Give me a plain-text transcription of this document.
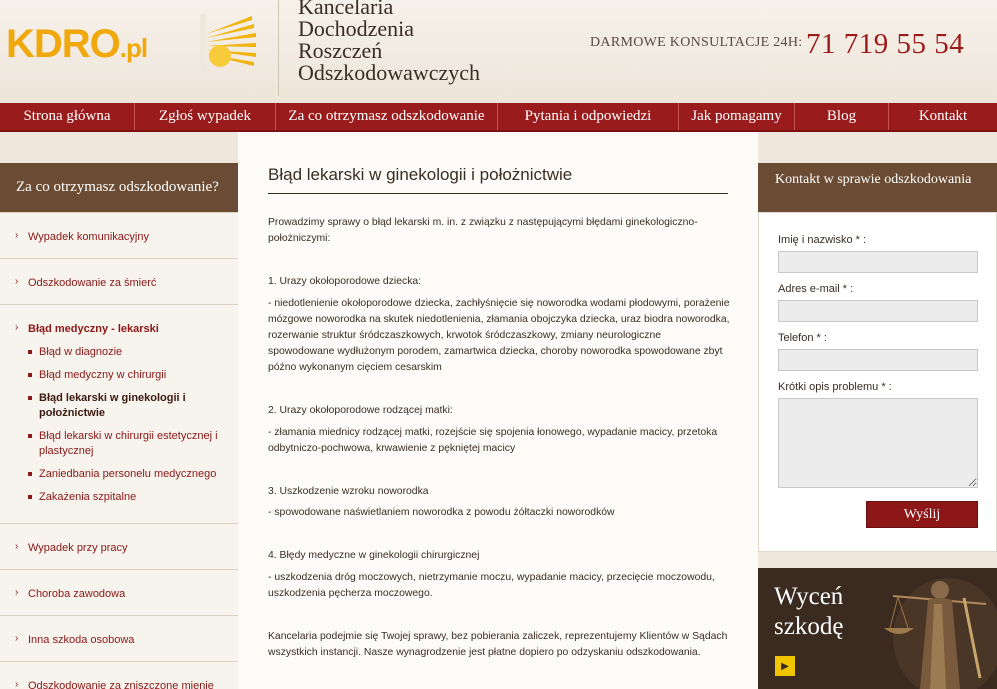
KDRO.pl
Kancelaria
Dochodzenia
Roszczeń
Odszkodowawczych
DARMOWE KONSULTACJE 24H: 71 719 55 54
Strona główna	Zgłoś wypadek	Za co otrzymasz odszkodowanie	Pytania i odpowiedzi	Jak pomagamy	Blog	Kontakt
Za co otrzymasz odszkodowanie?
› Wypadek komunikacyjny
› Odszkodowanie za śmierć
› Błąd medyczny - lekarski
Błąd w diagnozie
Błąd medyczny w chirurgii
Błąd lekarski w ginekologii i położnictwie
Błąd lekarski w chirurgii estetycznej i plastycznej
Zaniedbania personelu medycznego
Zakażenia szpitalne
› Wypadek przy pracy
› Choroba zawodowa
› Inna szkoda osobowa
› Odszkodowanie za zniszczone mienie
Błąd lekarski w ginekologii i położnictwie
Prowadzimy sprawy o błąd lekarski m. in. z związku z następującymi błędami ginekologiczno-położniczymi:
1. Urazy okołoporodowe dziecka:
- niedotlenienie okołoporodowe dziecka, zachłyśnięcie się noworodka wodami płodowymi, porażenie mózgowe noworodka na skutek niedotlenienia, złamania obojczyka dziecka, uraz biodra noworodka, rozerwanie struktur śródczaszkowych, krwotok śródczaszkowy, zmiany neurologiczne spowodowane wydłużonym porodem, zamartwica dziecka, choroby noworodka spowodowane zbyt późno wykonanym cięciem cesarskim
2. Urazy okołoporodowe rodzącej matki:
- złamania miednicy rodzącej matki, rozejście się spojenia łonowego, wypadanie macicy, przetoka odbytniczo-pochwowa, krwawienie z pękniętej macicy
3. Uszkodzenie wzroku noworodka
- spowodowane naświetlaniem noworodka z powodu żółtaczki noworodków
4. Błędy medyczne w ginekologii chirurgicznej
- uszkodzenia dróg moczowych, nietrzymanie moczu, wypadanie macicy, przecięcie moczowodu, uszkodzenia pęcherza moczowego.
Kancelaria podejmie się Twojej sprawy, bez pobierania zaliczek, reprezentujemy Klientów w Sądach wszystkich instancji. Nasze wynagrodzenie jest płatne dopiero po odzyskaniu odszkodowania.
Kontakt w sprawie odszkodowania
Imię i nazwisko * :
Adres e-mail * :
Telefon * :
Krótki opis problemu * :
Wyślij
Wyceń
szkodę
▶
